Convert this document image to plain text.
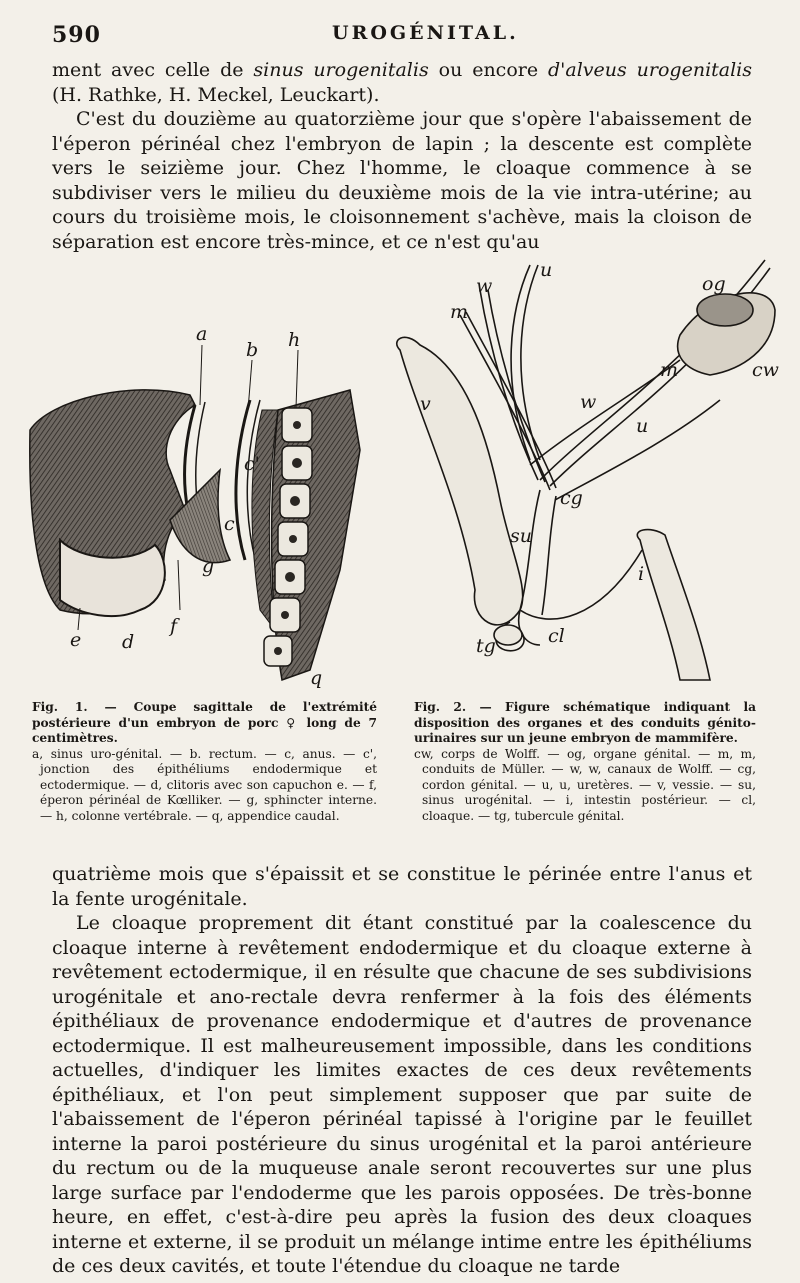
590	UROGÉNITAL.

ment avec celle de sinus urogenitalis ou encore d'alveus urogenitalis (H. Rathke, H. Meckel, Leuckart).

C'est du douzième au quatorzième jour que s'opère l'abaissement de l'éperon périnéal chez l'embryon de lapin ; la descente est complète vers le seizième jour. Chez l'homme, le cloaque commence à se subdiviser vers le milieu du deuxième mois de la vie intra-utérine; au cours du troisième mois, le cloisonnement s'achève, mais la cloison de séparation est encore très-mince, et ce n'est qu'au

a
b h
c'
c
g
f
d
e
q
u
w	og
m
m	cw
v	w
u
cg
su
i
cl
tg

Fig. 1. — Coupe sagittale de l'extrémité postérieure d'un embryon de porc ♀ long de 7 centimètres.

a, sinus uro-génital. — b. rectum. — c, anus. — c', jonction des épithéliums endodermique et ectodermique. — d, clitoris avec son capuchon e. — f, éperon périnéal de Kœlliker. — g, sphincter interne. — h, colonne vertébrale. — q, appendice caudal.

Fig. 2. — Figure schématique indiquant la disposition des organes et des conduits génito-urinaires sur un jeune embryon de mammifère.

cw, corps de Wolff. — og, organe génital. — m, m, conduits de Müller. — w, w, canaux de Wolff. — cg, cordon génital. — u, u, uretères. — v, vessie. — su, sinus urogénital. — i, intestin postérieur. — cl, cloaque. — tg, tubercule génital.

quatrième mois que s'épaissit et se constitue le périnée entre l'anus et la fente urogénitale.

Le cloaque proprement dit étant constitué par la coalescence du cloaque interne à revêtement endodermique et du cloaque externe à revêtement ectodermique, il en résulte que chacune de ses subdivisions urogénitale et ano-rectale devra renfermer à la fois des éléments épithéliaux de provenance endodermique et d'autres de provenance ectodermique. Il est malheureusement impossible, dans les conditions actuelles, d'indiquer les limites exactes de ces deux revêtements épithéliaux, et l'on peut simplement supposer que par suite de l'abaissement de l'éperon périnéal tapissé à l'origine par le feuillet interne la paroi postérieure du sinus urogénital et la paroi antérieure du rectum ou de la muqueuse anale seront recouvertes sur une plus large surface par l'endoderme que les parois opposées. De très-bonne heure, en effet, c'est-à-dire peu après la fusion des deux cloaques interne et externe, il se produit un mélange intime entre les épithéliums de ces deux cavités, et toute l'étendue du cloaque ne tarde
